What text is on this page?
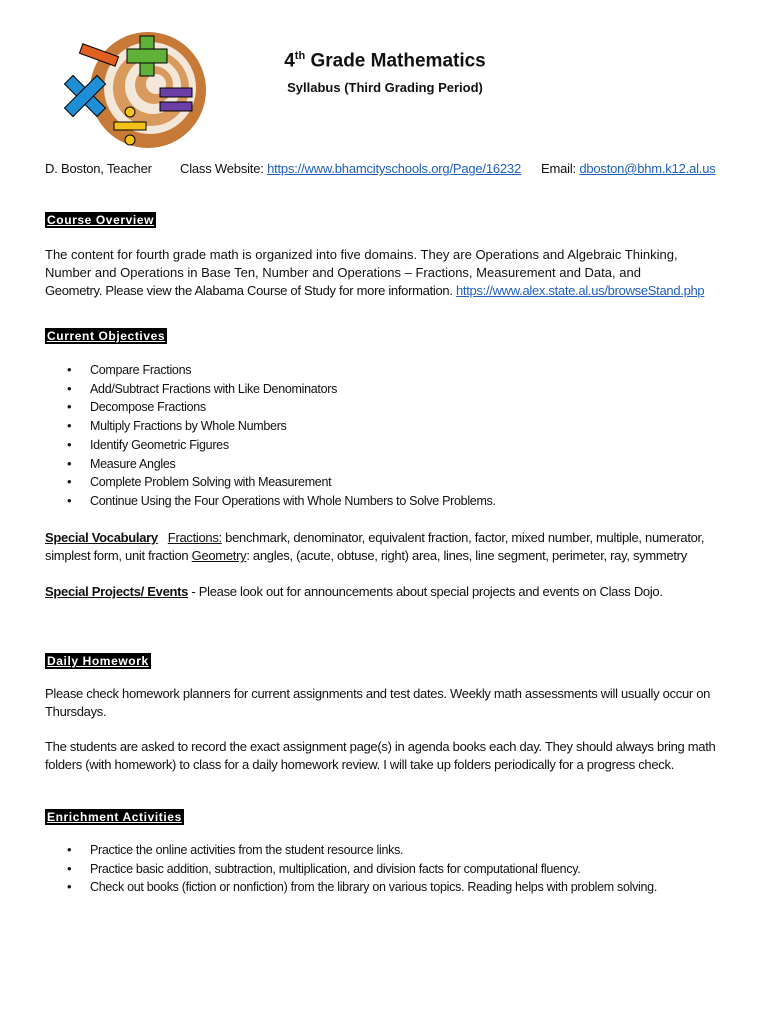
4th Grade Mathematics
Syllabus (Third Grading Period)
D. Boston, Teacher Class Website: https://www.bhamcityschools.org/Page/16232 Email: dboston@bhm.k12.al.us
Course Overview
The content for fourth grade math is organized into five domains. They are Operations and Algebraic Thinking,
Number and Operations in Base Ten, Number and Operations – Fractions, Measurement and Data, and
Geometry. Please view the Alabama Course of Study for more information. https://www.alex.state.al.us/browseStand.php
Current Objectives
• Compare Fractions
• Add/Subtract Fractions with Like Denominators
• Decompose Fractions
• Multiply Fractions by Whole Numbers
• Identify Geometric Figures
• Measure Angles
• Complete Problem Solving with Measurement
• Continue Using the Four Operations with Whole Numbers to Solve Problems.
Special Vocabulary Fractions: benchmark, denominator, equivalent fraction, factor, mixed number, multiple, numerator,
simplest form, unit fraction Geometry: angles, (acute, obtuse, right) area, lines, line segment, perimeter, ray, symmetry
Special Projects/ Events - Please look out for announcements about special projects and events on Class Dojo.
Daily Homework
Please check homework planners for current assignments and test dates. Weekly math assessments will usually occur on
Thursdays.
The students are asked to record the exact assignment page(s) in agenda books each day. They should always bring math
folders (with homework) to class for a daily homework review. I will take up folders periodically for a progress check.
Enrichment Activities
• Practice the online activities from the student resource links.
• Practice basic addition, subtraction, multiplication, and division facts for computational fluency.
• Check out books (fiction or nonfiction) from the library on various topics. Reading helps with problem solving.
